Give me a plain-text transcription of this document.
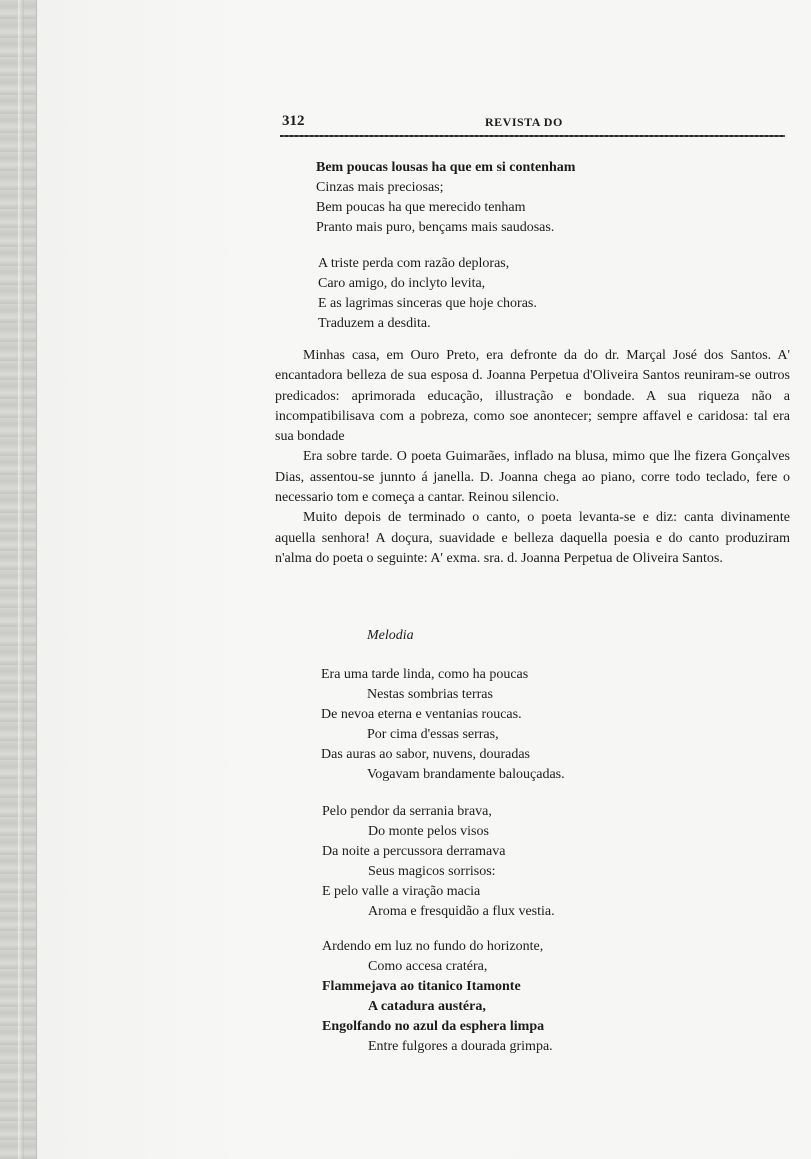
312	REVISTA DO
Bem poucas lousas ha que em si contenham
Cinzas mais preciosas;
Bem poucas ha que merecido tenham
Pranto mais puro, bençams mais saudosas.
A triste perda com razão deploras,
Caro amigo, do inclyto levita,
E as lagrimas sinceras que hoje choras.
Traduzem a desdita.

Minhas casa, em Ouro Preto, era defronte da do dr. Marçal José dos Santos. A' encantadora belleza de sua esposa d. Joanna Perpetua d'Oliveira Santos reuniram-se outros predicados: aprimorada educação, illustração e bondade. A sua riqueza não a incompatibilisava com a pobreza, como soe anontecer; sempre affavel e caridosa: tal era sua bondade

Era sobre tarde. O poeta Guimarães, inflado na blusa, mimo que lhe fizera Gonçalves Dias, assentou-se junnto á janella. D. Joanna chega ao piano, corre todo teclado, fere o necessario tom e começa a cantar. Reinou silencio.

Muito depois de terminado o canto, o poeta levanta-se e diz: canta divinamente aquella senhora! A doçura, suavidade e belleza daquella poesia e do canto produziram n'alma do poeta o seguinte: A' exma. sra. d. Joanna Perpetua de Oliveira Santos.

Melodia
Era uma tarde linda, como ha poucas
Nestas sombrias terras
De nevoa eterna e ventanias roucas.
Por cima d'essas serras,
Das auras ao sabor, nuvens, douradas
Vogavam brandamente balouçadas.
Pelo pendor da serrania brava,
Do monte pelos visos
Da noite a percussora derramava
Seus magicos sorrisos:
E pelo valle a viração macia
Aroma e fresquidão a flux vestia.
Ardendo em luz no fundo do horizonte,
Como accesa cratéra,
Flammejava ao titanico Itamonte
A catadura austéra,
Engolfando no azul da esphera limpa
Entre fulgores a dourada grimpa.
